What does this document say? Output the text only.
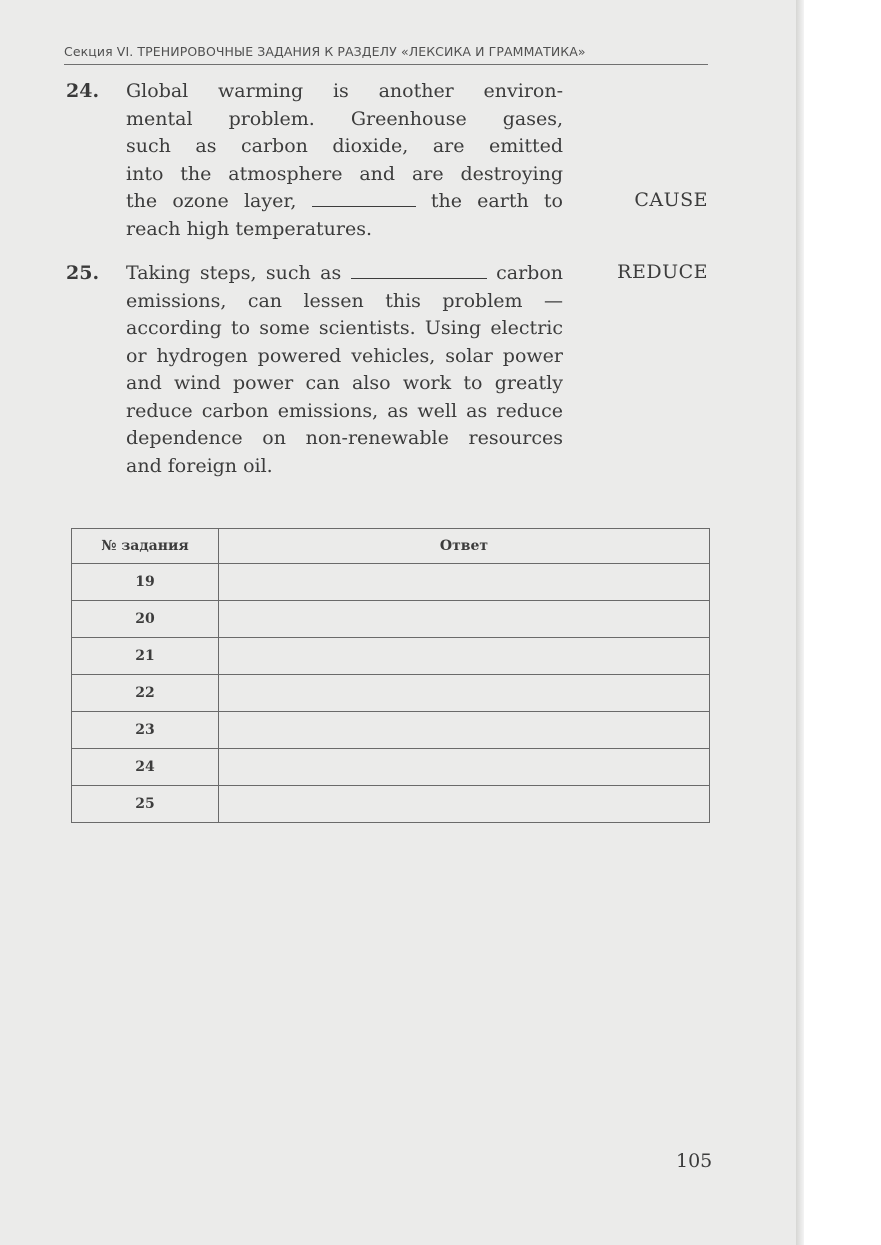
Секция VI. ТРЕНИРОВОЧНЫЕ ЗАДАНИЯ К РАЗДЕЛУ «ЛЕКСИКА И ГРАММАТИКА»
24. Global warming is another environ-
mental problem. Greenhouse gases,
such as carbon dioxide, are emitted
into the atmosphere and are destroying
the ozone layer,	the earth to
reach high temperatures.
CAUSE
25. Taking steps, such as	carbon
emissions, can lessen this problem —
according to some scientists. Using electric
or hydrogen powered vehicles, solar power
and wind power can also work to greatly
reduce carbon emissions, as well as reduce
dependence on non-renewable resources
and foreign oil.
REDUCE
№ задания	Ответ
19	
20	
21	
22	
23	
24	
25	
105
